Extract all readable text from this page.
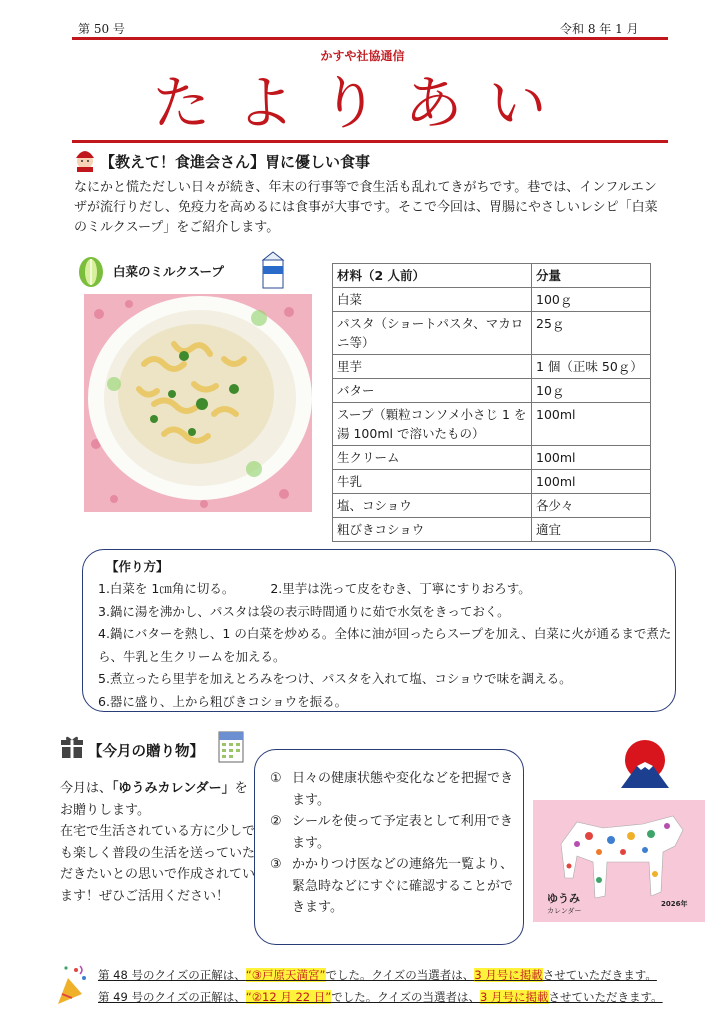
第 50 号	令和 8 年 1 月
かすや社協通信
たよりあい
【教えて！食進会さん】胃に優しい食事
なにかと慌ただしい日々が続き、年末の行事等で食生活も乱れてきがちです。巷では、インフルエンザが流行りだし、免疫力を高めるには食事が大事です。そこで今回は、胃腸にやさしいレシピ「白菜のミルクスープ」をご紹介します。
白菜のミルクスープ	材料（2 人前）	分量
白菜	100ｇ
パスタ（ショートパスタ、マカロニ等）	25ｇ
里芋	1 個（正味 50ｇ）
バター	10ｇ
スープ（顆粒コンソメ小さじ 1 を湯 100ml で溶いたもの）	100ml
生クリーム	100ml
牛乳	100ml
塩、コショウ	各少々
粗びきコショウ	適宜
【作り方】
1.白菜を 1㎝角に切る。	2.里芋は洗って皮をむき、丁寧にすりおろす。
3.鍋に湯を沸かし、パスタは袋の表示時間通りに茹で水気をきっておく。
4.鍋にバターを熱し、1 の白菜を炒める。全体に油が回ったらスープを加え、白菜に火が通るまで煮たら、牛乳と生クリームを加える。
5.煮立ったら里芋を加えとろみをつけ、パスタを入れて塩、コショウで味を調える。
6.器に盛り、上から粗びきコショウを振る。
【今月の贈り物】
今月は、「ゆうみカレンダー」をお贈りします。
在宅で生活されている方に少しでも楽しく普段の生活を送っていただきたいとの思いで作成されています！ぜひご活用ください！
① 日々の健康状態や変化などを把握できます。
② シールを使って予定表として利用できます。
③ かかりつけ医などの連絡先一覧より、緊急時などにすぐに確認することができます。
ゆうみ
カレンダー
2026年
第 48 号のクイズの正解は、“③戸原天満宮”でした。クイズの当選者は、3 月号に掲載させていただきます。
第 49 号のクイズの正解は、“②12 月 22 日”でした。クイズの当選者は、3 月号に掲載させていただきます。
